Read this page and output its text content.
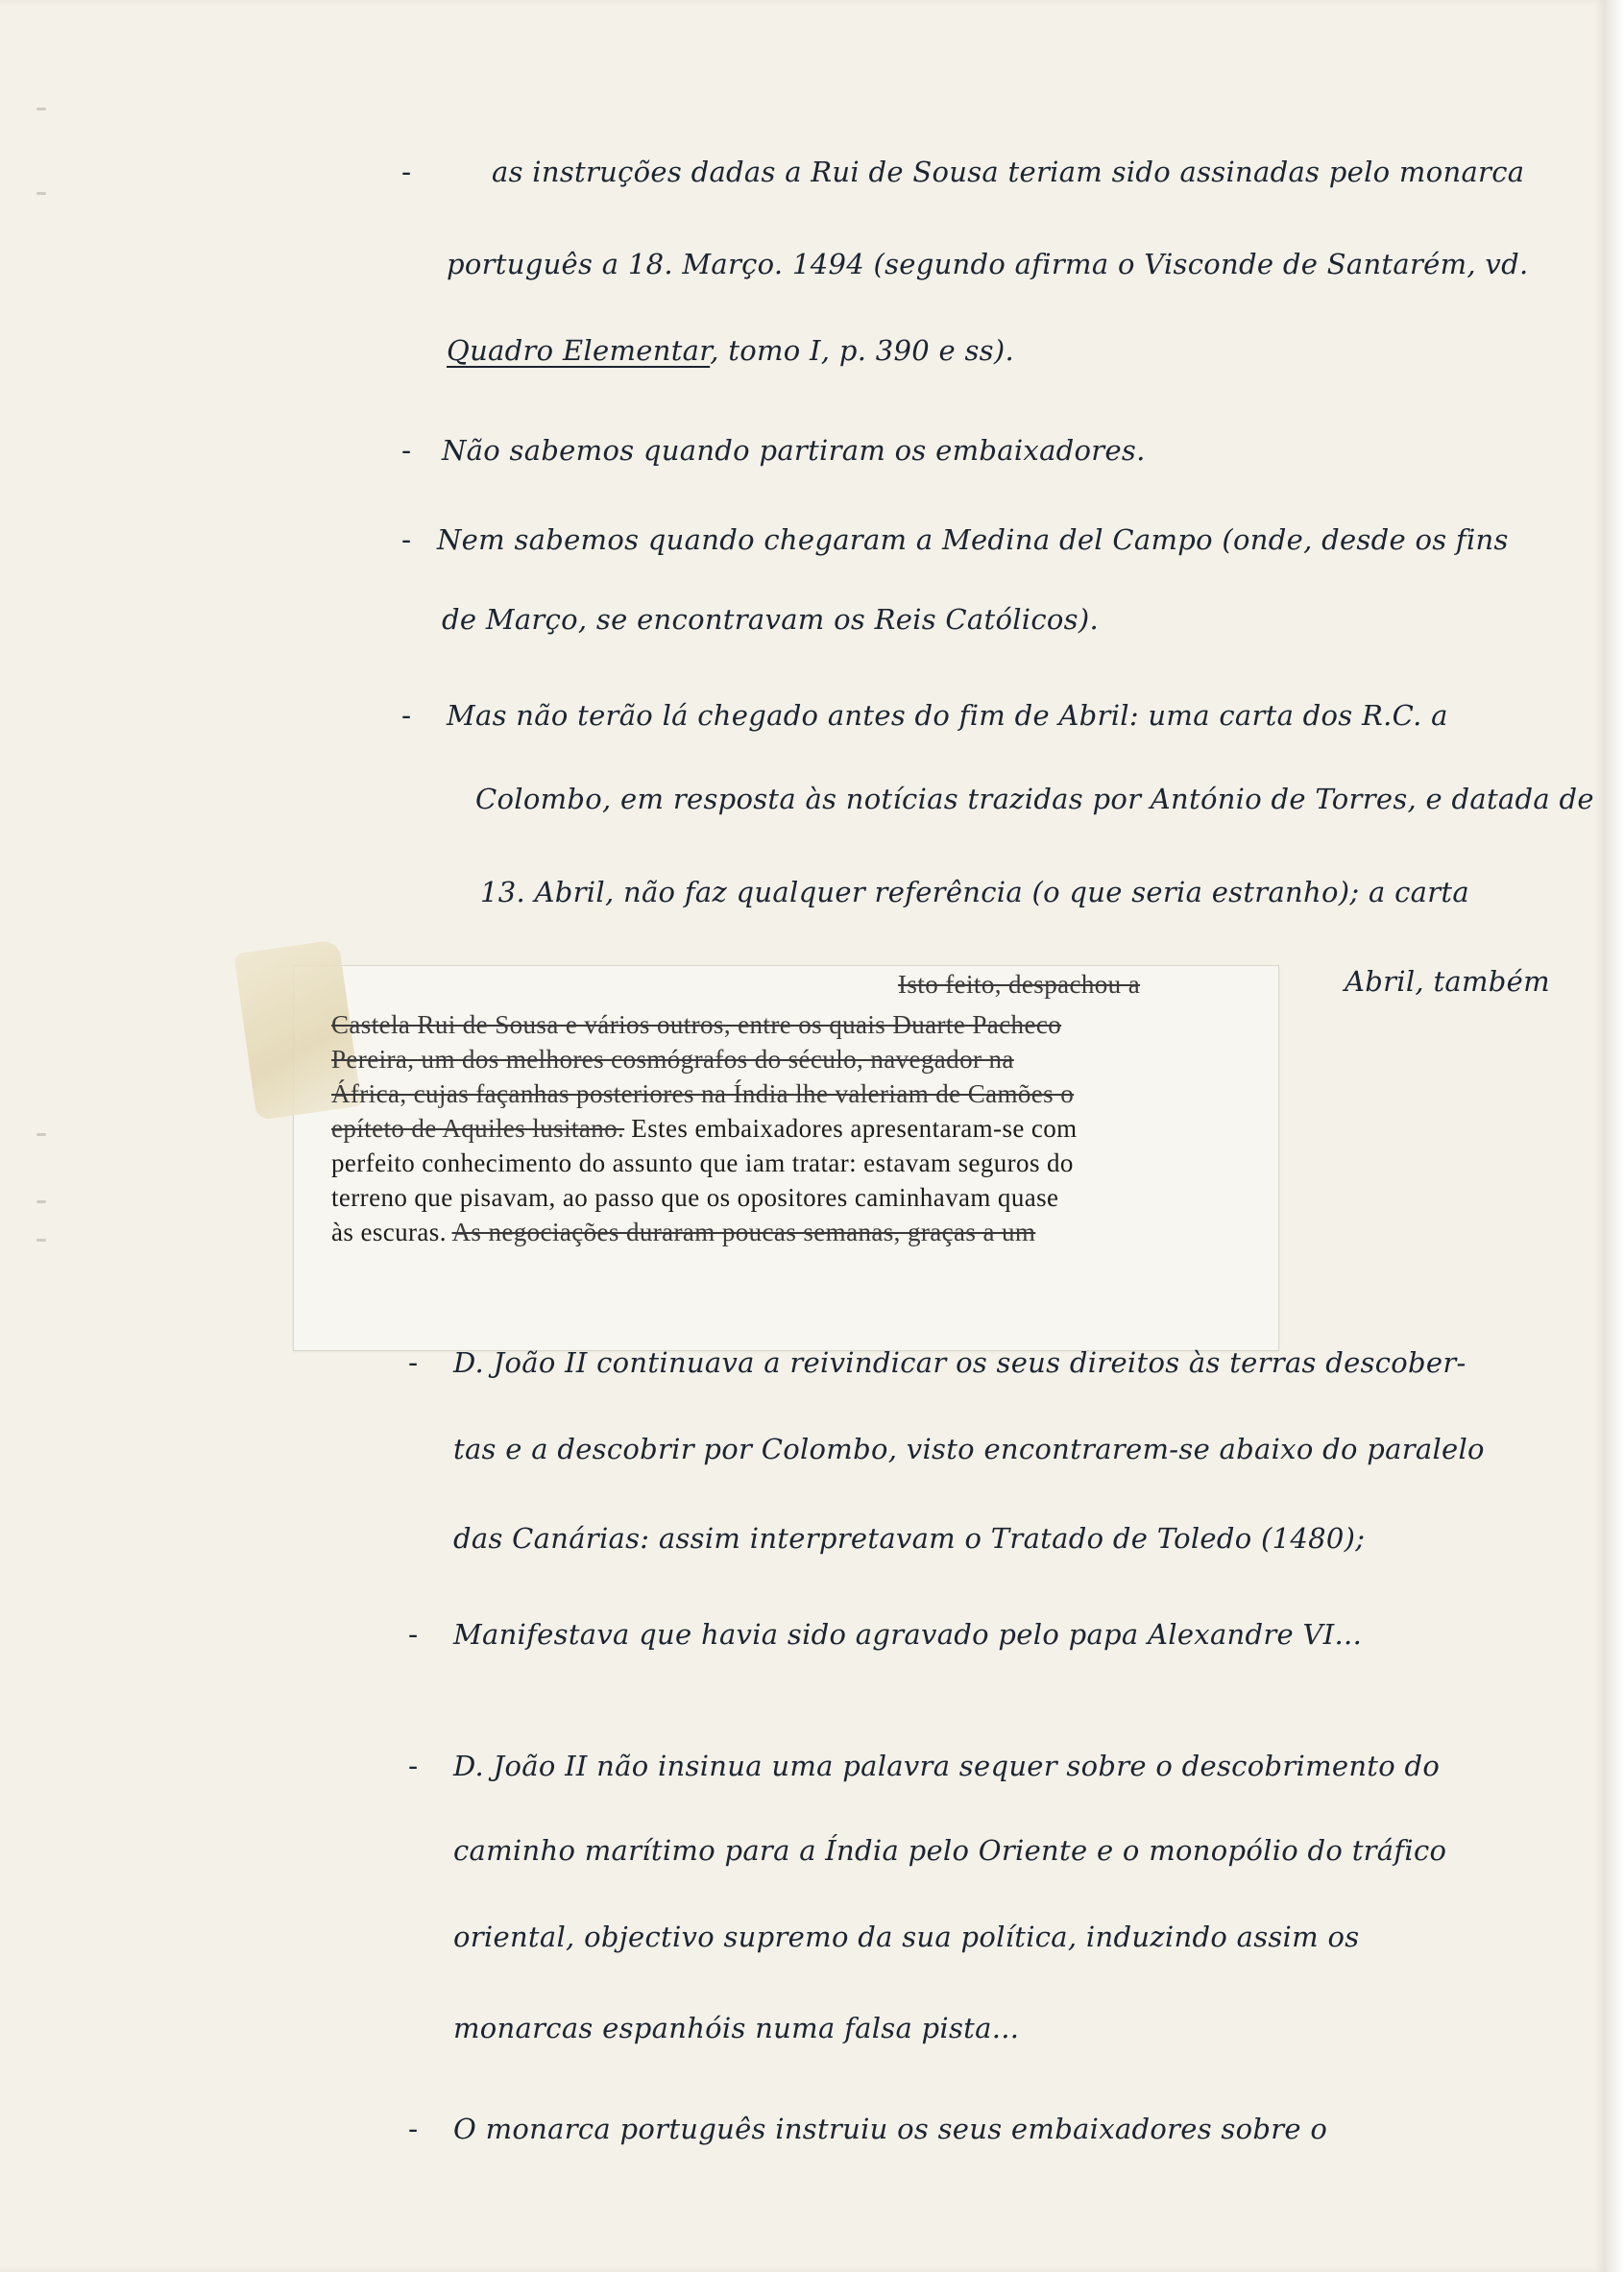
-	as instruções dadas a Rui de Sousa teriam sido assinadas pelo monarca
português a 18. Março. 1494 (segundo afirma o Visconde de Santarém, vd.
Quadro Elementar, tomo I, p. 390 e ss).
- Não sabemos quando partiram os embaixadores.
- Nem sabemos quando chegaram a Medina del Campo (onde, desde os fins
de Março, se encontravam os Reis Católicos).
- Mas não terão lá chegado antes do fim de Abril: uma carta dos R.C. a
Colombo, em resposta às notícias trazidas por António de Torres, e datada de
13. Abril, não faz qualquer referência (o que seria estranho); a carta
Abril, também
Isto feito, despachou a
Castela Rui de Sousa e vários outros, entre os quais Duarte Pacheco
Pereira, um dos melhores cosmógrafos do século, navegador na
África, cujas façanhas posteriores na Índia lhe valeriam de Camões o
epíteto de Aquiles lusitano. Estes embaixadores apresentaram-se com
perfeito conhecimento do assunto que iam tratar: estavam seguros do
terreno que pisavam, ao passo que os opositores caminhavam quase
às escuras. As negociações duraram poucas semanas, graças a um
- D. João II continuava a reivindicar os seus direitos às terras descober-
tas e a descobrir por Colombo, visto encontrarem-se abaixo do paralelo
das Canárias: assim interpretavam o Tratado de Toledo (1480);
- Manifestava que havia sido agravado pelo papa Alexandre VI...
- D. João II não insinua uma palavra sequer sobre o descobrimento do
caminho marítimo para a Índia pelo Oriente e o monopólio do tráfico
oriental, objectivo supremo da sua política, induzindo assim os
monarcas espanhóis numa falsa pista...
- O monarca português instruiu os seus embaixadores sobre o
